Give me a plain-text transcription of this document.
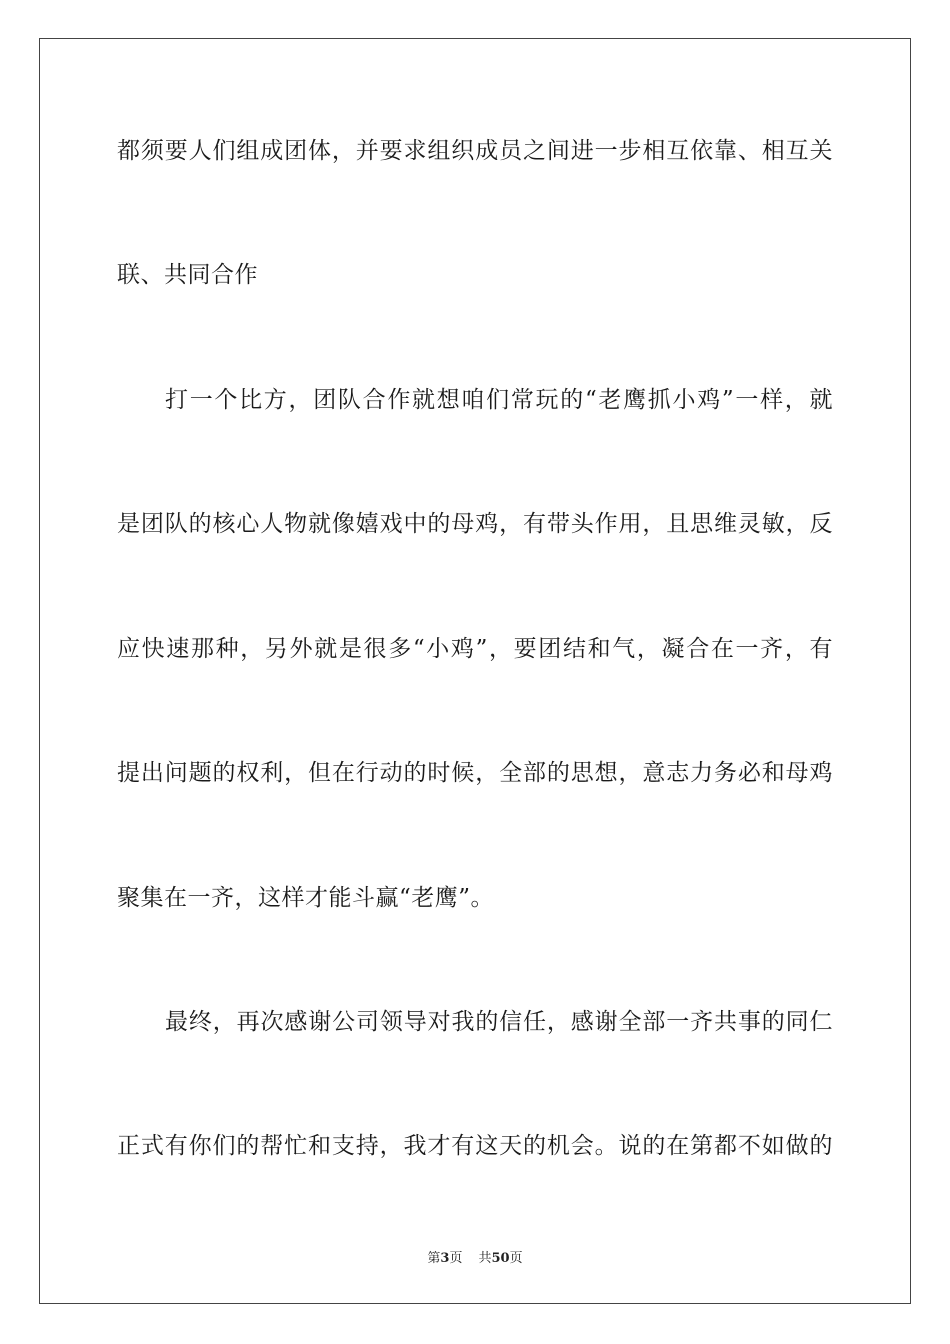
都须要人们组成团体，并要求组织成员之间进一步相互依靠、相互关
联、共同合作
打一个比方，团队合作就想咱们常玩的“老鹰抓小鸡”一样，就
是团队的核心人物就像嬉戏中的母鸡，有带头作用，且思维灵敏，反
应快速那种，另外就是很多“小鸡”，要团结和气，凝合在一齐，有
提出问题的权利，但在行动的时候，全部的思想，意志力务必和母鸡
聚集在一齐，这样才能斗赢“老鹰”。
最终，再次感谢公司领导对我的信任，感谢全部一齐共事的同仁
正式有你们的帮忙和支持，我才有这天的机会。说的在第都不如做的
第3页 共50页
